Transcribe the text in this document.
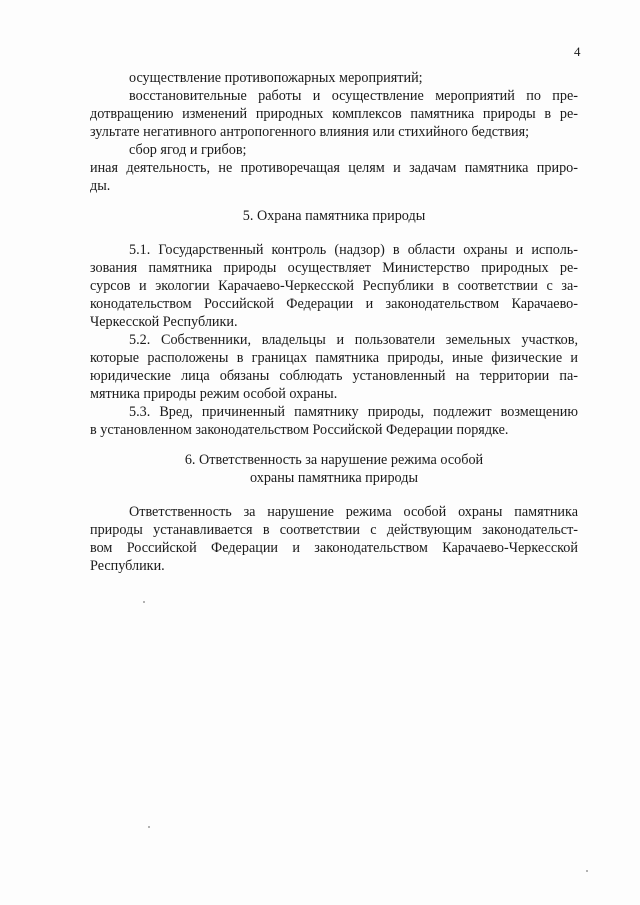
4
осуществление противопожарных мероприятий;
восстановительные работы и осуществление мероприятий по пре-
дотвращению изменений природных комплексов памятника природы в ре-
зультате негативного антропогенного влияния или стихийного бедствия;
сбор ягод и грибов;
иная деятельность, не противоречащая целям и задачам памятника приро-
ды.
5. Охрана памятника природы
5.1. Государственный контроль (надзор) в области охраны и исполь-
зования памятника природы осуществляет Министерство природных ре-
сурсов и экологии Карачаево-Черкесской Республики в соответствии с за-
конодательством Российской Федерации и законодательством Карачаево-
Черкесской Республики.
5.2. Собственники, владельцы и пользователи земельных участков,
которые расположены в границах памятника природы, иные физические и
юридические лица обязаны соблюдать установленный на территории па-
мятника природы режим особой охраны.
5.3. Вред, причиненный памятнику природы, подлежит возмещению
в установленном законодательством Российской Федерации порядке.
6. Ответственность за нарушение режима особой
охраны памятника природы
Ответственность за нарушение режима особой охраны памятника
природы устанавливается в соответствии с действующим законодательст-
вом Российской Федерации и законодательством Карачаево-Черкесской
Республики.
